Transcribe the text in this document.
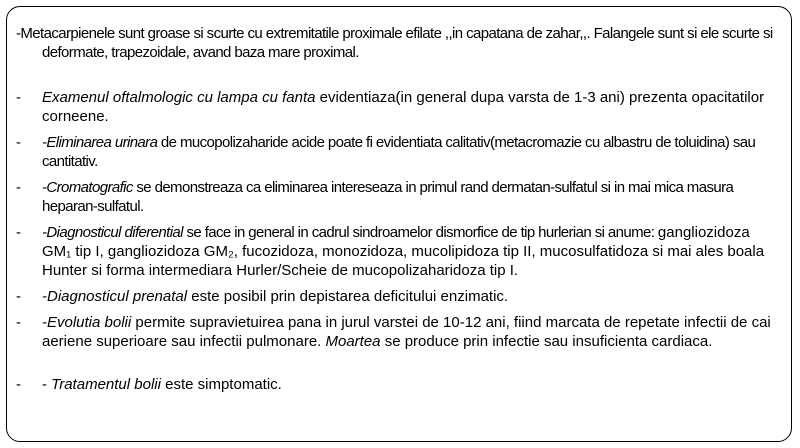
-Metacarpienele sunt groase si scurte cu extremitatile proximale efilate ,,in capatana de zahar,,. Falangele sunt si ele scurte si deformate, trapezoidale, avand baza mare proximal.

-	Examenul oftalmologic cu lampa cu fanta evidentiaza(in general dupa varsta de 1-3 ani) prezenta opacitatilor corneene.

-	-Eliminarea urinara de mucopolizaharide acide poate fi evidentiata calitativ(metacromazie cu albastru de toluidina) sau cantitativ.

-	-Cromatografic se demonstreaza ca eliminarea intereseaza in primul rand dermatan-sulfatul si in mai mica masura heparan-sulfatul.

-	-Diagnosticul diferential se face in general in cadrul sindroamelor dismorfice de tip hurlerian si anume: gangliozidoza GM₁ tip I, gangliozidoza GM₂, fucozidoza, monozidoza, mucolipidoza tip II, mucosulfatidoza si mai ales boala Hunter si forma intermediara Hurler/Scheie de mucopolizaharidoza tip I.

-	-Diagnosticul prenatal este posibil prin depistarea deficitului enzimatic.

-	-Evolutia bolii permite supravietuirea pana in jurul varstei de 10-12 ani, fiind marcata de repetate infectii de cai aeriene superioare sau infectii pulmonare. Moartea se produce prin infectie sau insuficienta cardiaca.

-	- Tratamentul bolii este simptomatic.
